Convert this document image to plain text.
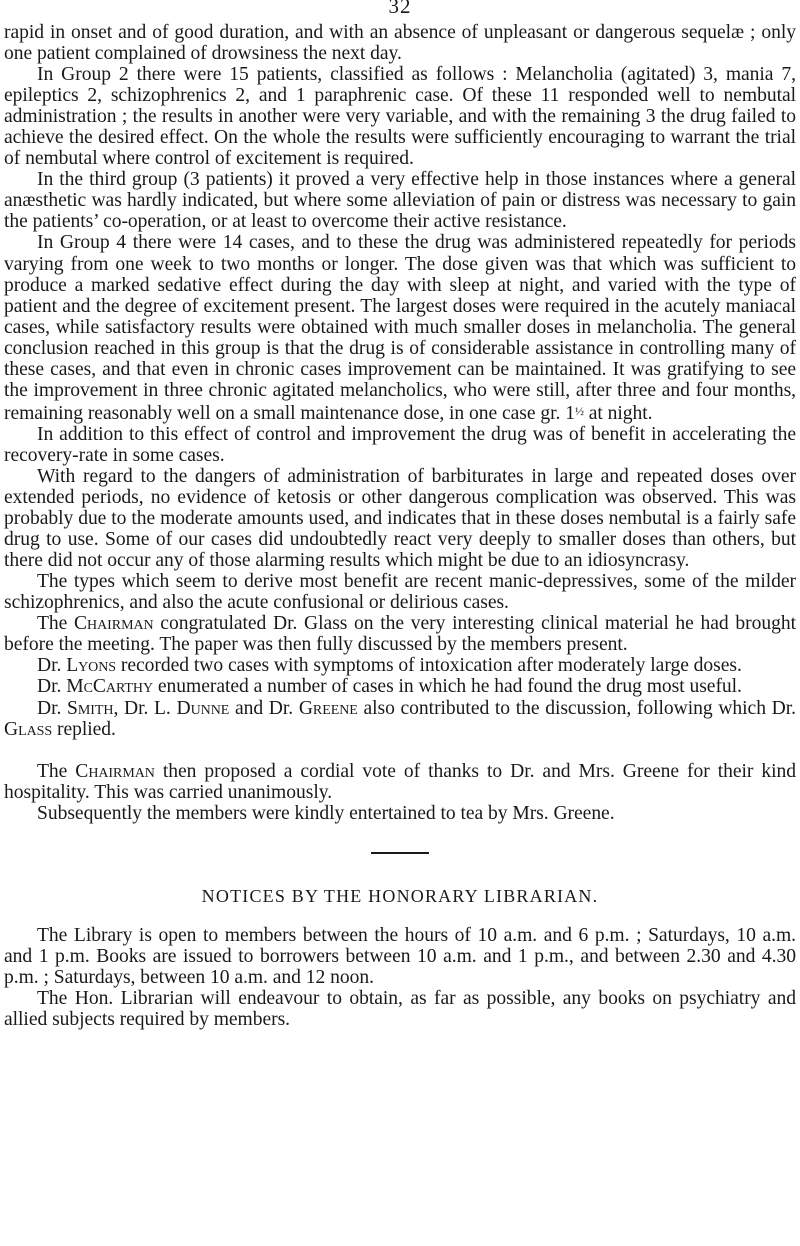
32

rapid in onset and of good duration, and with an absence of unpleasant or dangerous sequelæ ; only one patient complained of drowsiness the next day.

In Group 2 there were 15 patients, classified as follows : Melancholia (agitated) 3, mania 7, epileptics 2, schizophrenics 2, and 1 paraphrenic case. Of these 11 responded well to nembutal administration ; the results in another were very variable, and with the remaining 3 the drug failed to achieve the desired effect. On the whole the results were sufficiently encouraging to warrant the trial of nembutal where control of excitement is required.

In the third group (3 patients) it proved a very effective help in those instances where a general anæsthetic was hardly indicated, but where some alleviation of pain or distress was necessary to gain the patients’ co-operation, or at least to overcome their active resistance.

In Group 4 there were 14 cases, and to these the drug was administered repeatedly for periods varying from one week to two months or longer. The dose given was that which was sufficient to produce a marked sedative effect during the day with sleep at night, and varied with the type of patient and the degree of excitement present. The largest doses were required in the acutely maniacal cases, while satisfactory results were obtained with much smaller doses in melancholia. The general conclusion reached in this group is that the drug is of considerable assistance in controlling many of these cases, and that even in chronic cases improvement can be maintained. It was gratifying to see the improvement in three chronic agitated melancholics, who were still, after three and four months, remaining reasonably well on a small maintenance dose, in one case gr. $1^{\frac{1}{2}}$ at night.

In addition to this effect of control and improvement the drug was of benefit in accelerating the recovery-rate in some cases.

With regard to the dangers of administration of barbiturates in large and repeated doses over extended periods, no evidence of ketosis or other dangerous complication was observed. This was probably due to the moderate amounts used, and indicates that in these doses nembutal is a fairly safe drug to use. Some of our cases did undoubtedly react very deeply to smaller doses than others, but there did not occur any of those alarming results which might be due to an idiosyncrasy.

The types which seem to derive most benefit are recent manic-depressives, some of the milder schizophrenics, and also the acute confusional or delirious cases.

The Chairman congratulated Dr. Glass on the very interesting clinical material he had brought before the meeting. The paper was then fully discussed by the members present.

Dr. Lyons recorded two cases with symptoms of intoxication after moderately large doses.

Dr. McCarthy enumerated a number of cases in which he had found the drug most useful.

Dr. Smith, Dr. L. Dunne and Dr. Greene also contributed to the discussion, following which Dr. Glass replied.

The Chairman then proposed a cordial vote of thanks to Dr. and Mrs. Greene for their kind hospitality. This was carried unanimously.

Subsequently the members were kindly entertained to tea by Mrs. Greene.

NOTICES BY THE HONORARY LIBRARIAN.

The Library is open to members between the hours of 10 a.m. and 6 p.m. ; Saturdays, 10 a.m. and 1 p.m. Books are issued to borrowers between 10 a.m. and 1 p.m., and between 2.30 and 4.30 p.m. ; Saturdays, between 10 a.m. and 12 noon.

The Hon. Librarian will endeavour to obtain, as far as possible, any books on psychiatry and allied subjects required by members.
